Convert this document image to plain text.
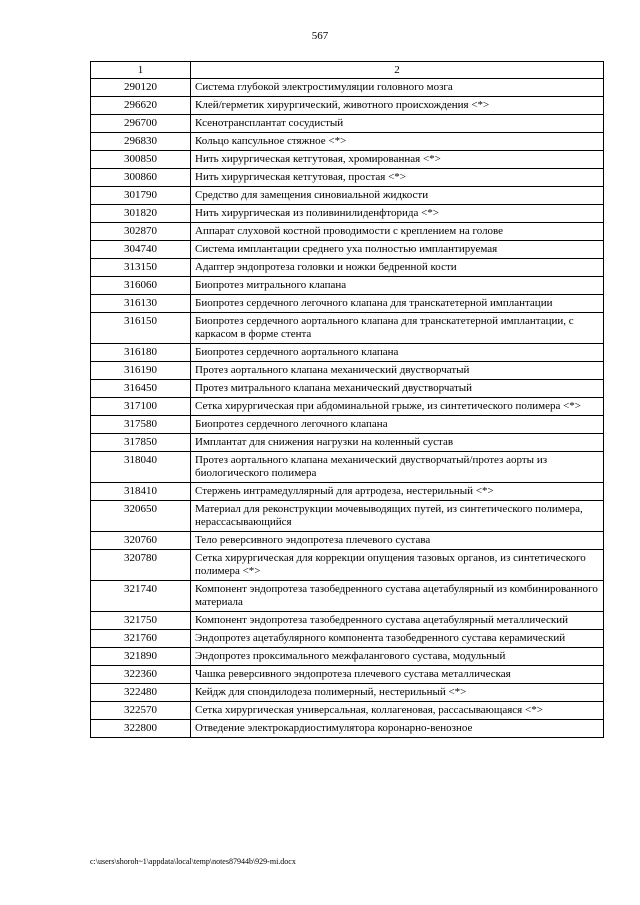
567
1	2
290120	Система глубокой электростимуляции головного мозга
296620	Клей/герметик хирургический, животного происхождения <*>
296700	Ксенотрансплантат сосудистый
296830	Кольцо капсульное стяжное <*>
300850	Нить хирургическая кетгутовая, хромированная <*>
300860	Нить хирургическая кетгутовая, простая <*>
301790	Средство для замещения синовиальной жидкости
301820	Нить хирургическая из поливинилиденфторида <*>
302870	Аппарат слуховой костной проводимости с креплением на голове
304740	Система имплантации среднего уха полностью имплантируемая
313150	Адаптер эндопротеза головки и ножки бедренной кости
316060	Биопротез митрального клапана
316130	Биопротез сердечного легочного клапана для транскатетерной имплантации
316150	Биопротез сердечного аортального клапана для транскатетерной имплантации, с каркасом в форме стента
316180	Биопротез сердечного аортального клапана
316190	Протез аортального клапана механический двустворчатый
316450	Протез митрального клапана механический двустворчатый
317100	Сетка хирургическая при абдоминальной грыже, из синтетического полимера <*>
317580	Биопротез сердечного легочного клапана
317850	Имплантат для снижения нагрузки на коленный сустав
318040	Протез аортального клапана механический двустворчатый/протез аорты из биологического полимера
318410	Стержень интрамедуллярный для артродеза, нестерильный <*>
320650	Материал для реконструкции мочевыводящих путей, из синтетического полимера, нерассасывающийся
320760	Тело реверсивного эндопротеза плечевого сустава
320780	Сетка хирургическая для коррекции опущения тазовых органов, из синтетического полимера <*>
321740	Компонент эндопротеза тазобедренного сустава ацетабулярный из комбинированного материала
321750	Компонент эндопротеза тазобедренного сустава ацетабулярный металлический
321760	Эндопротез ацетабулярного компонента тазобедренного сустава керамический
321890	Эндопротез проксимального межфалангового сустава, модульный
322360	Чашка реверсивного эндопротеза плечевого сустава металлическая
322480	Кейдж для спондилодеза полимерный, нестерильный <*>
322570	Сетка хирургическая универсальная, коллагеновая, рассасывающаяся <*>
322800	Отведение электрокардиостимулятора коронарно-венозное
c:\users\shoroh~1\appdata\local\temp\notes87944b\929-mi.docx
